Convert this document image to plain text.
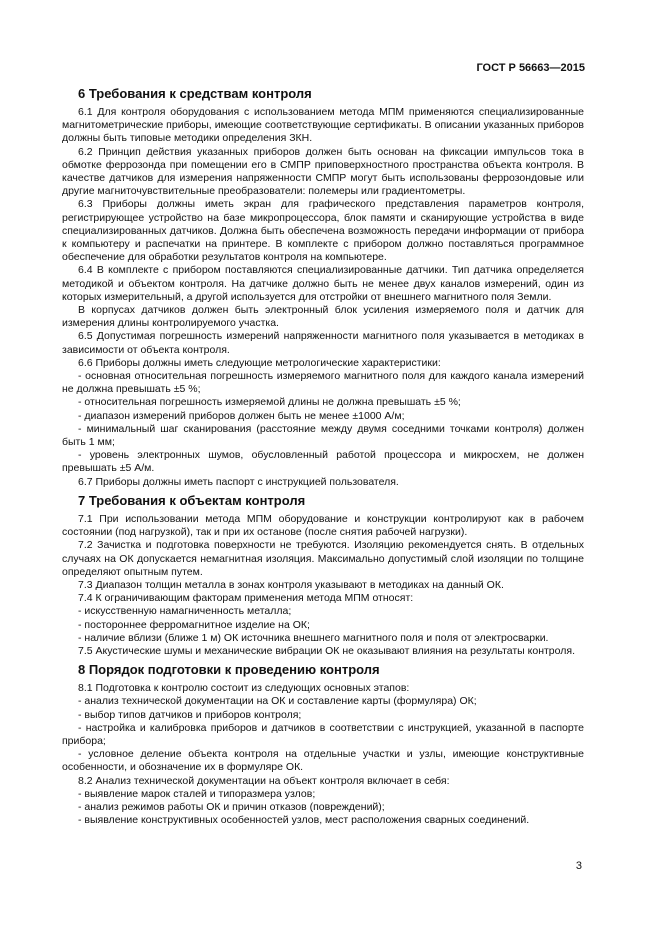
ГОСТ Р 56663—2015
6 Требования к средствам контроля

6.1 Для контроля оборудования с использованием метода МПМ применяются специализированные магнитометрические приборы, имеющие соответствующие сертификаты. В описании указанных приборов должны быть типовые методики определения ЗКН.

6.2 Принцип действия указанных приборов должен быть основан на фиксации импульсов тока в обмотке феррозонда при помещении его в СМПР приповерхностного пространства объекта контроля. В качестве датчиков для измерения напряженности СМПР могут быть использованы феррозондовые или другие магниточувствительные преобразователи: полемеры или градиентометры.

6.3 Приборы должны иметь экран для графического представления параметров контроля, регистрирующее устройство на базе микропроцессора, блок памяти и сканирующие устройства в виде специализированных датчиков. Должна быть обеспечена возможность передачи информации от прибора к компьютеру и распечатки на принтере. В комплекте с прибором должно поставляться программное обеспечение для обработки результатов контроля на компьютере.

6.4 В комплекте с прибором поставляются специализированные датчики. Тип датчика определяется методикой и объектом контроля. На датчике должно быть не менее двух каналов измерений, один из которых измерительный, а другой используется для отстройки от внешнего магнитного поля Земли.

В корпусах датчиков должен быть электронный блок усиления измеряемого поля и датчик для измерения длины контролируемого участка.

6.5 Допустимая погрешность измерений напряженности магнитного поля указывается в методиках в зависимости от объекта контроля.

6.6 Приборы должны иметь следующие метрологические характеристики:

- основная относительная погрешность измеряемого магнитного поля для каждого канала измерений не должна превышать ±5 %;

- относительная погрешность измеряемой длины не должна превышать ±5 %;

- диапазон измерений приборов должен быть не менее ±1000 А/м;

- минимальный шаг сканирования (расстояние между двумя соседними точками контроля) должен быть 1 мм;

- уровень электронных шумов, обусловленный работой процессора и микросхем, не должен превышать ±5 А/м.

6.7 Приборы должны иметь паспорт с инструкцией пользователя.

7 Требования к объектам контроля

7.1 При использовании метода МПМ оборудование и конструкции контролируют как в рабочем состоянии (под нагрузкой), так и при их останове (после снятия рабочей нагрузки).

7.2 Зачистка и подготовка поверхности не требуются. Изоляцию рекомендуется снять. В отдельных случаях на ОК допускается немагнитная изоляция. Максимально допустимый слой изоляции по толщине определяют опытным путем.

7.3 Диапазон толщин металла в зонах контроля указывают в методиках на данный ОК.

7.4 К ограничивающим факторам применения метода МПМ относят:

- искусственную намагниченность металла;

- постороннее ферромагнитное изделие на ОК;

- наличие вблизи (ближе 1 м) ОК источника внешнего магнитного поля и поля от электросварки.

7.5 Акустические шумы и механические вибрации ОК не оказывают влияния на результаты контроля.

8 Порядок подготовки к проведению контроля

8.1 Подготовка к контролю состоит из следующих основных этапов:

- анализ технической документации на ОК и составление карты (формуляра) ОК;

- выбор типов датчиков и приборов контроля;

- настройка и калибровка приборов и датчиков в соответствии с инструкцией, указанной в паспорте прибора;

- условное деление объекта контроля на отдельные участки и узлы, имеющие конструктивные особенности, и обозначение их в формуляре ОК.

8.2 Анализ технической документации на объект контроля включает в себя:

- выявление марок сталей и типоразмера узлов;

- анализ режимов работы ОК и причин отказов (повреждений);

- выявление конструктивных особенностей узлов, мест расположения сварных соединений.

3
